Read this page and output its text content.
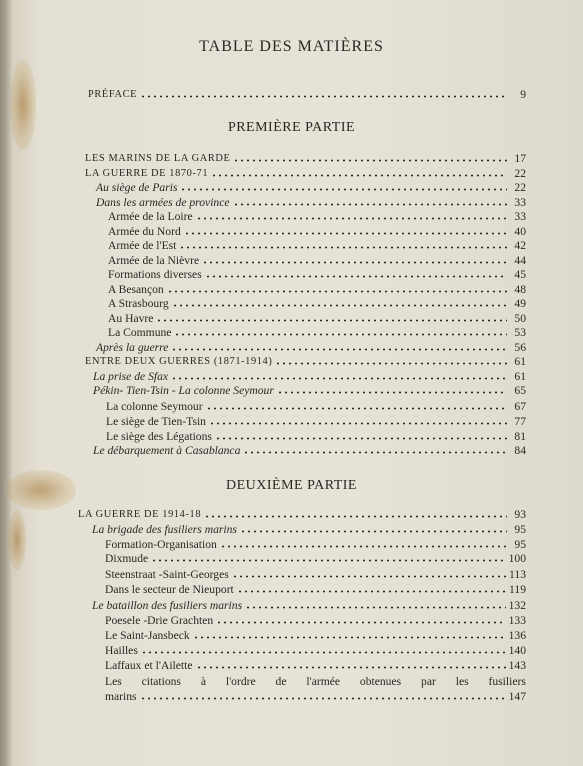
TABLE DES MATIÈRES
PRÉFACE	9
PREMIÈRE PARTIE
LES MARINS DE LA GARDE	17
LA GUERRE DE 1870-71	22
Au siège de Paris	22
Dans les armées de province	33
Armée de la Loire	33
Armée du Nord	40
Armée de l'Est	42
Armée de la Nièvre	44
Formations diverses	45
A Besançon	48
A Strasbourg	49
Au Havre	50
La Commune	53
Après la guerre	56
ENTRE DEUX GUERRES (1871-1914)	61
La prise de Sfax	61
Pékin- Tien-Tsin - La colonne Seymour	65
La colonne Seymour	67
Le siège de Tien-Tsin	77
Le siège des Légations	81
Le débarquement à Casablanca	84
DEUXIÈME PARTIE
LA GUERRE DE 1914-18	93
La brigade des fusiliers marins	95
Formation-Organisation	95
Dixmude	100
Steenstraat -Saint-Georges	113
Dans le secteur de Nieuport	119
Le bataillon des fusiliers marins	132
Poesele -Drie Grachten	133
Le Saint-Jansbeck	136
Hailles	140
Laffaux et l'Ailette	143
Les citations à l'ordre de l'armée obtenues par les fusiliers
marins	147
